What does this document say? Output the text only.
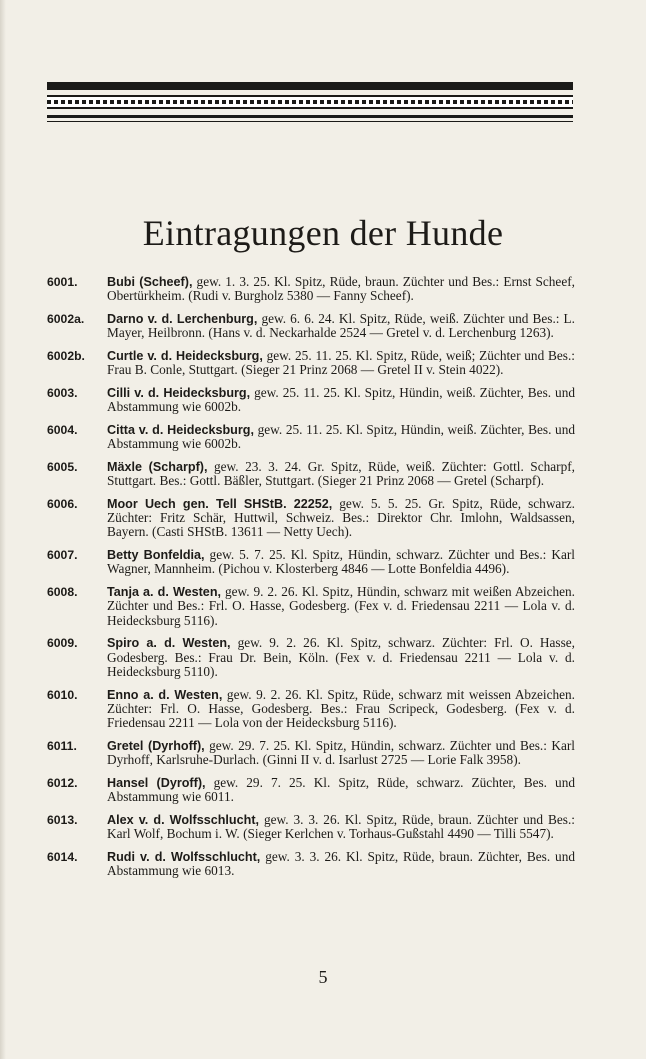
Eintragungen der Hunde
6001. Bubi (Scheef), gew. 1. 3. 25. Kl. Spitz, Rüde, braun. Züchter und Bes.: Ernst Scheef, Obertürkheim. (Rudi v. Burgholz 5380 — Fanny Scheef).
6002a. Darno v. d. Lerchenburg, gew. 6. 6. 24. Kl. Spitz, Rüde, weiß. Züchter und Bes.: L. Mayer, Heilbronn. (Hans v. d. Neckarhalde 2524 — Gretel v. d. Lerchenburg 1263).
6002b. Curtle v. d. Heidecksburg, gew. 25. 11. 25. Kl. Spitz, Rüde, weiß; Züchter und Bes.: Frau B. Conle, Stuttgart. (Sieger 21 Prinz 2068 — Gretel II v. Stein 4022).
6003. Cilli v. d. Heidecksburg, gew. 25. 11. 25. Kl. Spitz, Hündin, weiß. Züchter, Bes. und Abstammung wie 6002b.
6004. Citta v. d. Heidecksburg, gew. 25. 11. 25. Kl. Spitz, Hündin, weiß. Züchter, Bes. und Abstammung wie 6002b.
6005. Mäxle (Scharpf), gew. 23. 3. 24. Gr. Spitz, Rüde, weiß. Züchter: Gottl. Scharpf, Stuttgart. Bes.: Gottl. Bäßler, Stuttgart. (Sieger 21 Prinz 2068 — Gretel (Scharpf).
6006. Moor Uech gen. Tell SHStB. 22252, gew. 5. 5. 25. Gr. Spitz, Rüde, schwarz. Züchter: Fritz Schär, Huttwil, Schweiz. Bes.: Direktor Chr. Imlohn, Waldsassen, Bayern. (Casti SHStB. 13611 — Netty Uech).
6007. Betty Bonfeldia, gew. 5. 7. 25. Kl. Spitz, Hündin, schwarz. Züchter und Bes.: Karl Wagner, Mannheim. (Pichou v. Klosterberg 4846 — Lotte Bonfeldia 4496).
6008. Tanja a. d. Westen, gew. 9. 2. 26. Kl. Spitz, Hündin, schwarz mit weißen Abzeichen. Züchter und Bes.: Frl. O. Hasse, Godesberg. (Fex v. d. Friedensau 2211 — Lola v. d. Heidecksburg 5116).
6009. Spiro a. d. Westen, gew. 9. 2. 26. Kl. Spitz, schwarz. Züchter: Frl. O. Hasse, Godesberg. Bes.: Frau Dr. Bein, Köln. (Fex v. d. Friedensau 2211 — Lola v. d. Heidecksburg 5110).
6010. Enno a. d. Westen, gew. 9. 2. 26. Kl. Spitz, Rüde, schwarz mit weissen Abzeichen. Züchter: Frl. O. Hasse, Godesberg. Bes.: Frau Scripeck, Godesberg. (Fex v. d. Friedensau 2211 — Lola von der Heidecksburg 5116).
6011. Gretel (Dyrhoff), gew. 29. 7. 25. Kl. Spitz, Hündin, schwarz. Züchter und Bes.: Karl Dyrhoff, Karlsruhe-Durlach. (Ginni II v. d. Isarlust 2725 — Lorie Falk 3958).
6012. Hansel (Dyroff), gew. 29. 7. 25. Kl. Spitz, Rüde, schwarz. Züchter, Bes. und Abstammung wie 6011.
6013. Alex v. d. Wolfsschlucht, gew. 3. 3. 26. Kl. Spitz, Rüde, braun. Züchter und Bes.: Karl Wolf, Bochum i. W. (Sieger Kerlchen v. Torhaus-Gußstahl 4490 — Tilli 5547).
6014. Rudi v. d. Wolfsschlucht, gew. 3. 3. 26. Kl. Spitz, Rüde, braun. Züchter, Bes. und Abstammung wie 6013.
5
